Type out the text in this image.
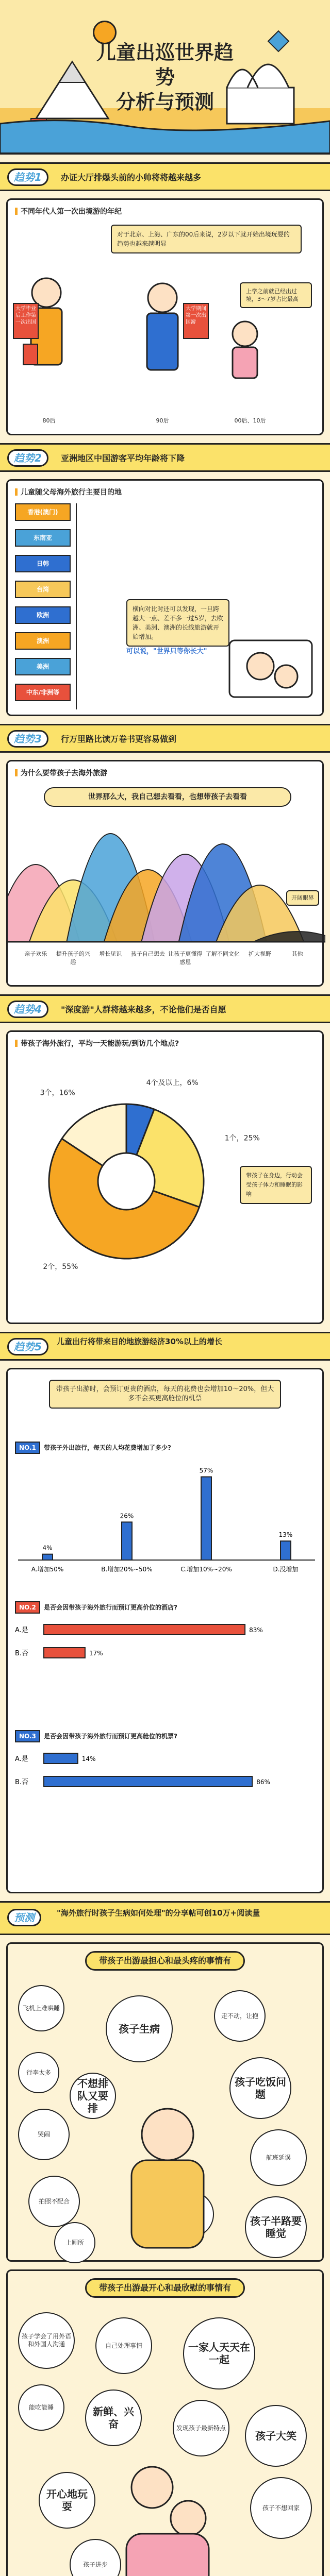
儿童出巡世界趋势
分析与预测
趋势1	办证大厅排爆头前的小帅将将越来越多
不同年代人第一次出境游的年纪
对于北京、上海、广东的00后来说，2岁以下就开始出境玩耍的趋势也越来越明显
大学毕业后工作第一次出国
大学期间第一次出国游
上学之前就已经出过境，3～7岁占比最高
80后	90后	00后、10后
趋势2	亚洲地区中国游客平均年龄将下降
儿童随父母海外旅行主要目的地
香港(澳门)
东南亚
日韩
台湾
欧洲
澳洲
美洲
中东/非洲等
横向对比时还可以发现，一旦跨越大一点、差不多一过5岁，去欧洲、美洲、澳洲的长线旅游就开始增加。
可以说，"世界只等你长大"
趋势3	行万里路比读万卷书更容易做到
为什么要带孩子去海外旅游
世界那么大，我自己想去看看，也想带孩子去看看
亲子欢乐	提升孩子的兴趣
增长见识	孩子自己想去 让孩子更懂得感恩
了解不同文化	扩大视野	其他
开阔眼界
趋势4	"深度游"人群将越来越多，不论他们是否自愿
带孩子海外旅行，平均一天能游玩/到访几个地点?
4个及以上，6%
1个，25%
2个，55%
3个，16%
带孩子在身边，行动会受孩子体力和睡眠的影响
趋势5	儿童出行将带来目的地旅游经济30%以上的增长
带孩子出游时，会预订更贵的酒店，每天的花费也会增加10～20%，但大多不会买更高舱位的机票
NO.1	带孩子外出旅行，每天的人均花费增加了多少?
4%
A.增加50%
26%
B.增加20%~50%
57%
C.增加10%~20%
13%
D.没增加
NO.2	是否会因带孩子海外旅行而预订更高价位的酒店?
A.是	83%
B.否	17%
NO.3	是否会因带孩子海外旅行而预订更高舱位的机票?
A.是	14%
B.否	86%
预测	"海外旅行时孩子生病如何处理"的分享帖可创10万+阅读量
带孩子出游最担心和最头疼的事情有
飞机上难哄睡
孩子生病
走不动，让抱
行李太多
孩子吃饭问题
不想排队又要排
哭闹
航班延误
拍照不配合
上厕所
孩子半路要睡觉
带孩子出游最开心和最欣慰的事情有
孩子学会了用外语和外国人沟通	自己处理事情	一家人天天在一起
能吃能睡	新鲜、兴奋	发现孩子最新特点
孩子大笑
开心地玩耍	孩子不想回家
孩子进步
